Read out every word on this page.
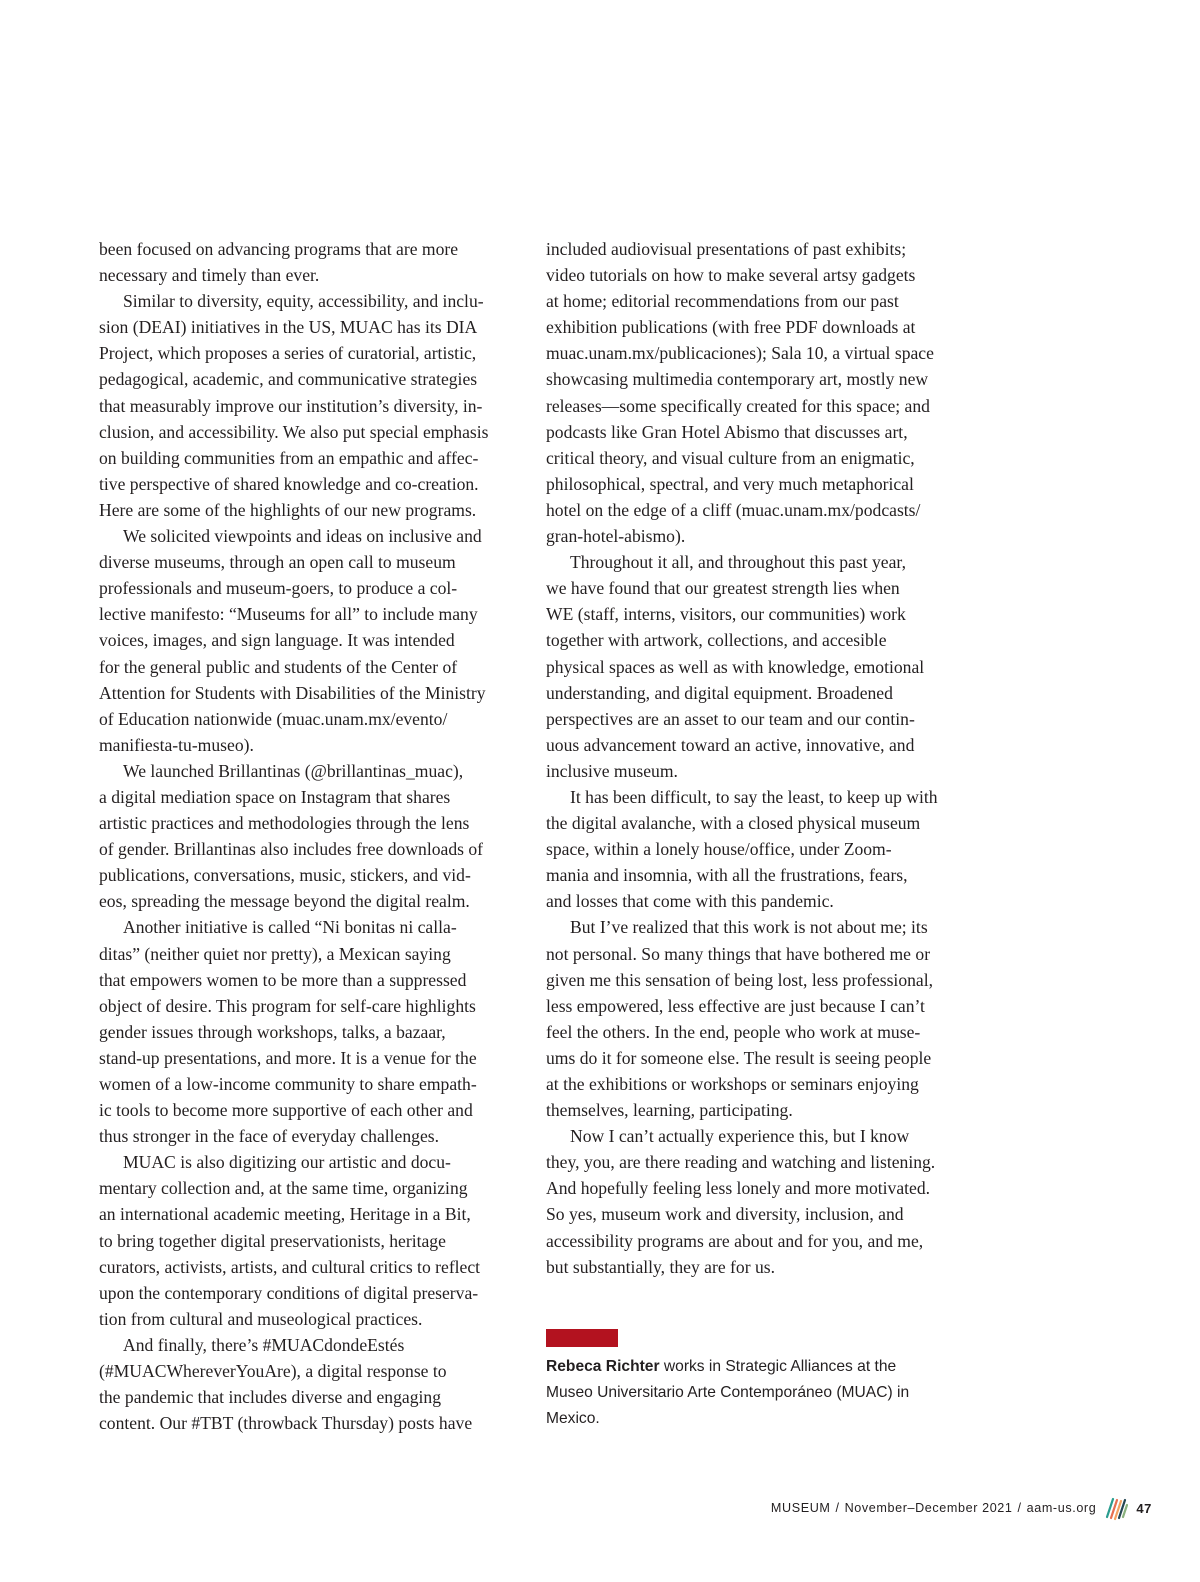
been focused on advancing programs that are more

necessary and timely than ever.

Similar to diversity, equity, accessibility, and inclu-

sion (DEAI) initiatives in the US, MUAC has its DIA

Project, which proposes a series of curatorial, artistic,

pedagogical, academic, and communicative strategies

that measurably improve our institution’s diversity, in-

clusion, and accessibility. We also put special emphasis

on building communities from an empathic and affec-

tive perspective of shared knowledge and co-creation.

Here are some of the highlights of our new programs.

We solicited viewpoints and ideas on inclusive and

diverse museums, through an open call to museum

professionals and museum-goers, to produce a col-

lective manifesto: “Museums for all” to include many

voices, images, and sign language. It was intended

for the general public and students of the Center of

Attention for Students with Disabilities of the Ministry

of Education nationwide (muac.unam.mx/evento/

manifiesta-tu-museo).

We launched Brillantinas (@brillantinas_muac),

a digital mediation space on Instagram that shares

artistic practices and methodologies through the lens

of gender. Brillantinas also includes free downloads of

publications, conversations, music, stickers, and vid-

eos, spreading the message beyond the digital realm.

Another initiative is called “Ni bonitas ni calla-

ditas” (neither quiet nor pretty), a Mexican saying

that empowers women to be more than a suppressed

object of desire. This program for self-care highlights

gender issues through workshops, talks, a bazaar,

stand-up presentations, and more. It is a venue for the

women of a low-income community to share empath-

ic tools to become more supportive of each other and

thus stronger in the face of everyday challenges.

MUAC is also digitizing our artistic and docu-

mentary collection and, at the same time, organizing

an international academic meeting, Heritage in a Bit,

to bring together digital preservationists, heritage

curators, activists, artists, and cultural critics to reflect

upon the contemporary conditions of digital preserva-

tion from cultural and museological practices.

And finally, there’s #MUACdondeEstés

(#MUACWhereverYouAre), a digital response to

the pandemic that includes diverse and engaging

content. Our #TBT (throwback Thursday) posts have

included audiovisual presentations of past exhibits;

video tutorials on how to make several artsy gadgets

at home; editorial recommendations from our past

exhibition publications (with free PDF downloads at

muac.unam.mx/publicaciones); Sala 10, a virtual space

showcasing multimedia contemporary art, mostly new

releases—some specifically created for this space; and

podcasts like Gran Hotel Abismo that discusses art,

critical theory, and visual culture from an enigmatic,

philosophical, spectral, and very much metaphorical

hotel on the edge of a cliff (muac.unam.mx/podcasts/

gran-hotel-abismo).

Throughout it all, and throughout this past year,

we have found that our greatest strength lies when

WE (staff, interns, visitors, our communities) work

together with artwork, collections, and accesible

physical spaces as well as with knowledge, emotional

understanding, and digital equipment. Broadened

perspectives are an asset to our team and our contin-

uous advancement toward an active, innovative, and

inclusive museum.

It has been difficult, to say the least, to keep up with

the digital avalanche, with a closed physical museum

space, within a lonely house/office, under Zoom-

mania and insomnia, with all the frustrations, fears,

and losses that come with this pandemic.

But I’ve realized that this work is not about me; its

not personal. So many things that have bothered me or

given me this sensation of being lost, less professional,

less empowered, less effective are just because I can’t

feel the others. In the end, people who work at muse-

ums do it for someone else. The result is seeing people

at the exhibitions or workshops or seminars enjoying

themselves, learning, participating.

Now I can’t actually experience this, but I know

they, you, are there reading and watching and listening.

And hopefully feeling less lonely and more motivated.

So yes, museum work and diversity, inclusion, and

accessibility programs are about and for you, and me,

but substantially, they are for us.

Rebeca Richter works in Strategic Alliances at the

Museo Universitario Arte Contemporáneo (MUAC) in

Mexico.

MUSEUM / November–December 2021 / aam-us.org	47
